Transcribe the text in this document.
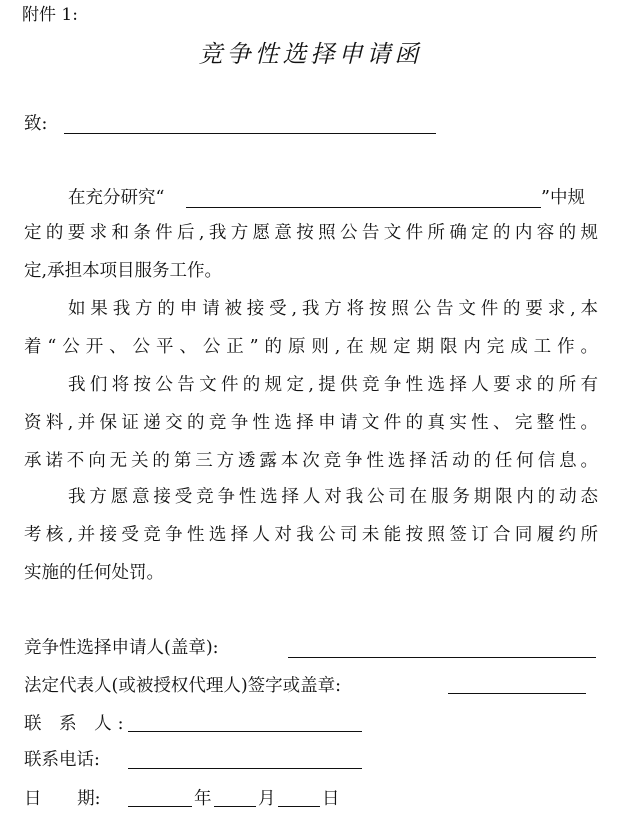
附件 1:
竞争性选择申请函
致:
在充分研究“	”中规
定的要求和条件后,我方愿意按照公告文件所确定的内容的规
定,承担本项目服务工作。
如果我方的申请被接受,我方将按照公告文件的要求,本
着“公开、公平、公正”的原则,在规定期限内完成工作。
我们将按公告文件的规定,提供竞争性选择人要求的所有
资料,并保证递交的竞争性选择申请文件的真实性、完整性。
承诺不向无关的第三方透露本次竞争性选择活动的任何信息。
我方愿意接受竞争性选择人对我公司在服务期限内的动态
考核,并接受竞争性选择人对我公司未能按照签订合同履约所
实施的任何处罚。
竞争性选择申请人(盖章):
法定代表人(或被授权代理人)签字或盖章:
联 系 人:
联系电话:
日 期:	年	月	日
